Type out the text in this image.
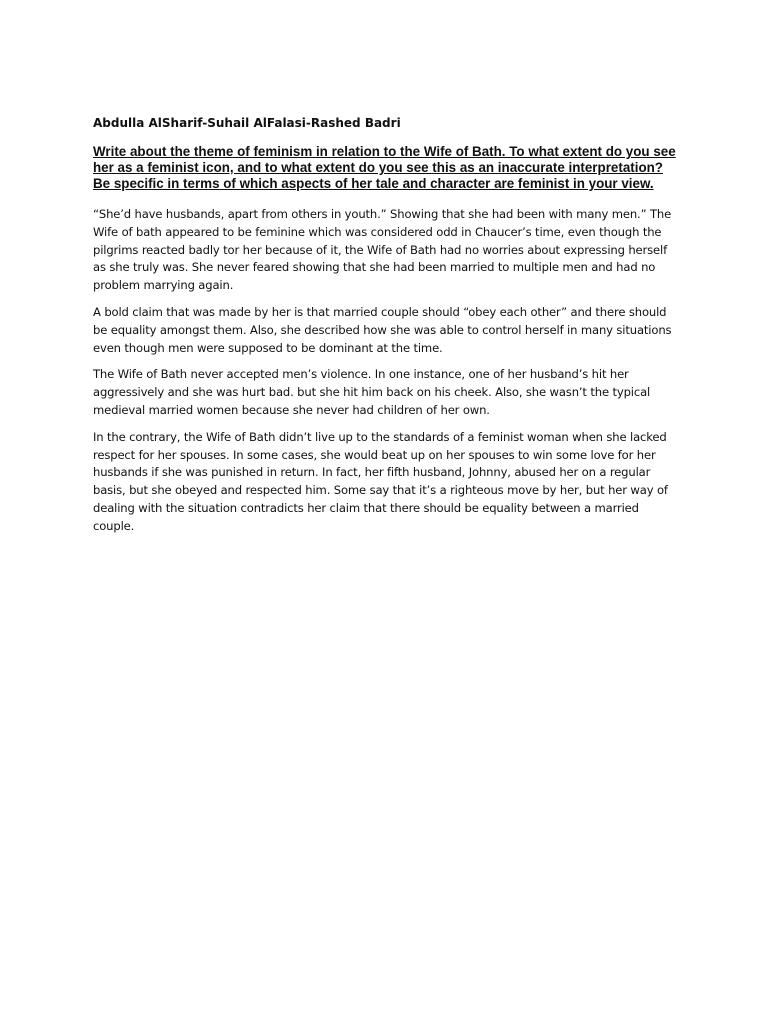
Abdulla AlSharif-Suhail AlFalasi-Rashed Badri
Write about the theme of feminism in relation to the Wife of Bath. To what extent do you see her as a feminist icon, and to what extent do you see this as an inaccurate interpretation? Be specific in terms of which aspects of her tale and character are feminist in your view.

“She’d have husbands, apart from others in youth.” Showing that she had been with many men.” The Wife of bath appeared to be feminine which was considered odd in Chaucer’s time, even though the pilgrims reacted badly tor her because of it, the Wife of Bath had no worries about expressing herself as she truly was. She never feared showing that she had been married to multiple men and had no problem marrying again.

A bold claim that was made by her is that married couple should “obey each other” and there should be equality amongst them. Also, she described how she was able to control herself in many situations even though men were supposed to be dominant at the time.

The Wife of Bath never accepted men’s violence. In one instance, one of her husband’s hit her aggressively and she was hurt bad. but she hit him back on his cheek. Also, she wasn’t the typical medieval married women because she never had children of her own.

In the contrary, the Wife of Bath didn’t live up to the standards of a feminist woman when she lacked respect for her spouses. In some cases, she would beat up on her spouses to win some love for her husbands if she was punished in return. In fact, her fifth husband, Johnny, abused her on a regular basis, but she obeyed and respected him. Some say that it’s a righteous move by her, but her way of dealing with the situation contradicts her claim that there should be equality between a married couple.
